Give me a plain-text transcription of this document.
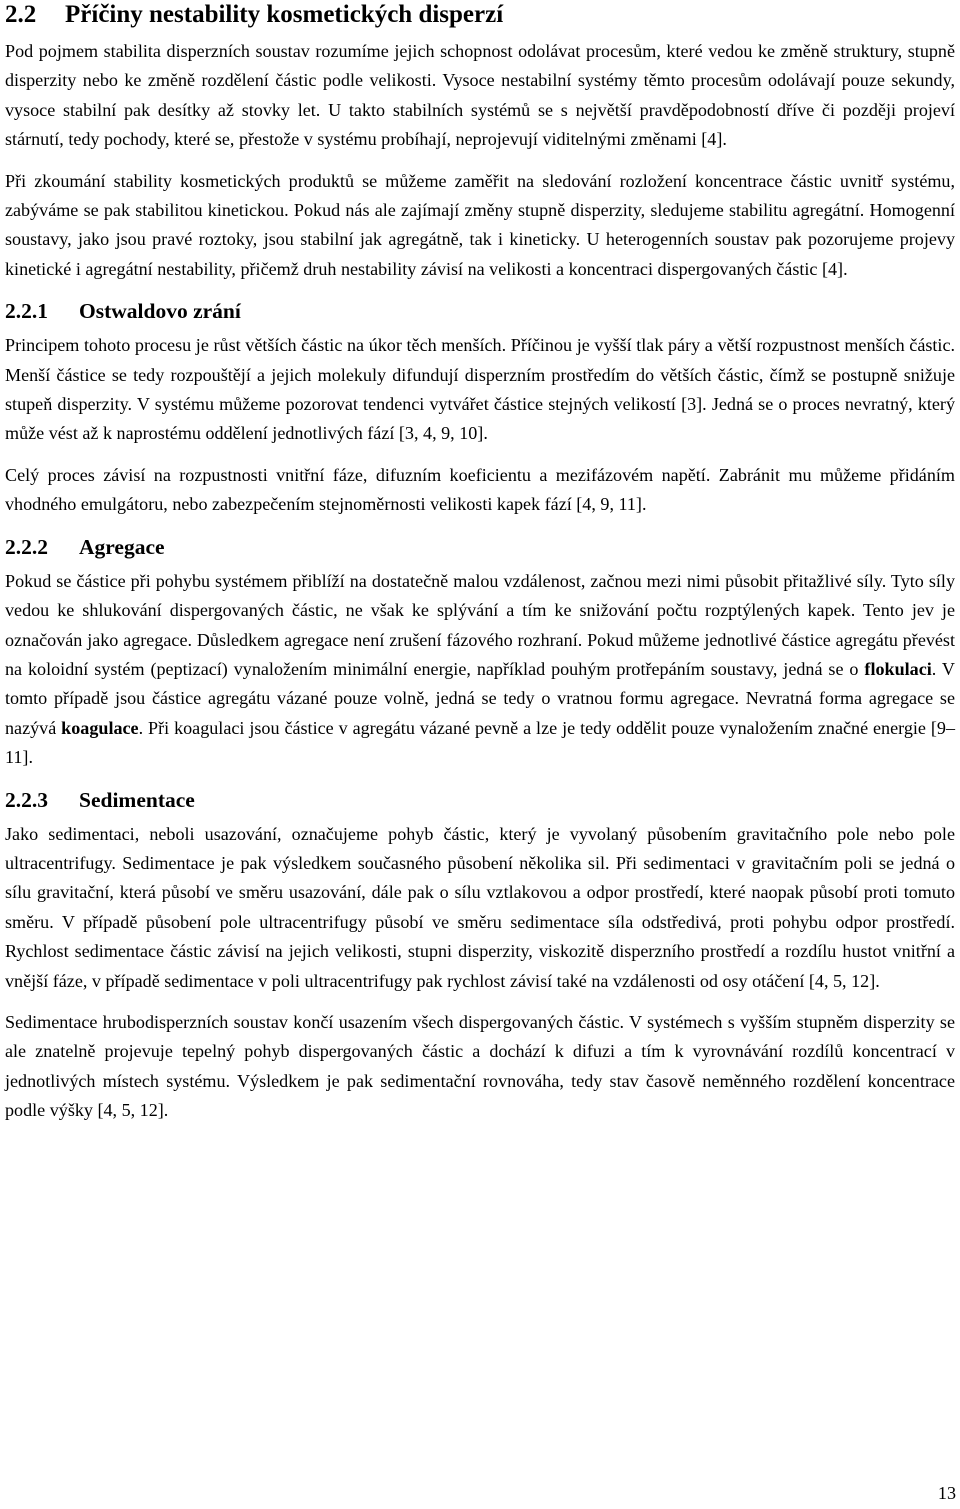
2.2 Příčiny nestability kosmetických disperzí

Pod pojmem stabilita disperzních soustav rozumíme jejich schopnost odolávat procesům, které vedou ke změně struktury, stupně disperzity nebo ke změně rozdělení částic podle velikosti. Vysoce nestabilní systémy těmto procesům odolávají pouze sekundy, vysoce stabilní pak desítky až stovky let. U takto stabilních systémů se s největší pravděpodobností dříve či později projeví stárnutí, tedy pochody, které se, přestože v systému probíhají, neprojevují viditelnými změnami [4].

Při zkoumání stability kosmetických produktů se můžeme zaměřit na sledování rozložení koncentrace částic uvnitř systému, zabýváme se pak stabilitou kinetickou. Pokud nás ale zajímají změny stupně disperzity, sledujeme stabilitu agregátní. Homogenní soustavy, jako jsou pravé roztoky, jsou stabilní jak agregátně, tak i kineticky. U heterogenních soustav pak pozorujeme projevy kinetické i agregátní nestability, přičemž druh nestability závisí na velikosti a koncentraci dispergovaných částic [4].

2.2.1 Ostwaldovo zrání

Principem tohoto procesu je růst větších částic na úkor těch menších. Příčinou je vyšší tlak páry a větší rozpustnost menších částic. Menší částice se tedy rozpouštějí a jejich molekuly difundují disperzním prostředím do větších částic, čímž se postupně snižuje stupeň disperzity. V systému můžeme pozorovat tendenci vytvářet částice stejných velikostí [3]. Jedná se o proces nevratný, který může vést až k naprostému oddělení jednotlivých fází [3, 4, 9, 10].

Celý proces závisí na rozpustnosti vnitřní fáze, difuzním koeficientu a mezifázovém napětí. Zabránit mu můžeme přidáním vhodného emulgátoru, nebo zabezpečením stejnoměrnosti velikosti kapek fází [4, 9, 11].

2.2.2 Agregace

Pokud se částice při pohybu systémem přiblíží na dostatečně malou vzdálenost, začnou mezi nimi působit přitažlivé síly. Tyto síly vedou ke shlukování dispergovaných částic, ne však ke splývání a tím ke snižování počtu rozptýlených kapek. Tento jev je označován jako agregace. Důsledkem agregace není zrušení fázového rozhraní. Pokud můžeme jednotlivé částice agregátu převést na koloidní systém (peptizací) vynaložením minimální energie, například pouhým protřepáním soustavy, jedná se o flokulaci. V tomto případě jsou částice agregátu vázané pouze volně, jedná se tedy o vratnou formu agregace. Nevratná forma agregace se nazývá koagulace. Při koagulaci jsou částice v agregátu vázané pevně a lze je tedy oddělit pouze vynaložením značné energie [9–11].

2.2.3 Sedimentace

Jako sedimentaci, neboli usazování, označujeme pohyb částic, který je vyvolaný působením gravitačního pole nebo pole ultracentrifugy. Sedimentace je pak výsledkem současného působení několika sil. Při sedimentaci v gravitačním poli se jedná o sílu gravitační, která působí ve směru usazování, dále pak o sílu vztlakovou a odpor prostředí, které naopak působí proti tomuto směru. V případě působení pole ultracentrifugy působí ve směru sedimentace síla odstředivá, proti pohybu odpor prostředí. Rychlost sedimentace částic závisí na jejich velikosti, stupni disperzity, viskozitě disperzního prostředí a rozdílu hustot vnitřní a vnější fáze, v případě sedimentace v poli ultracentrifugy pak rychlost závisí také na vzdálenosti od osy otáčení [4, 5, 12].

Sedimentace hrubodisperzních soustav končí usazením všech dispergovaných částic. V systémech s vyšším stupněm disperzity se ale znatelně projevuje tepelný pohyb dispergovaných částic a dochází k difuzi a tím k vyrovnávání rozdílů koncentrací v jednotlivých místech systému. Výsledkem je pak sedimentační rovnováha, tedy stav časově neměnného rozdělení koncentrace podle výšky [4, 5, 12].

13
